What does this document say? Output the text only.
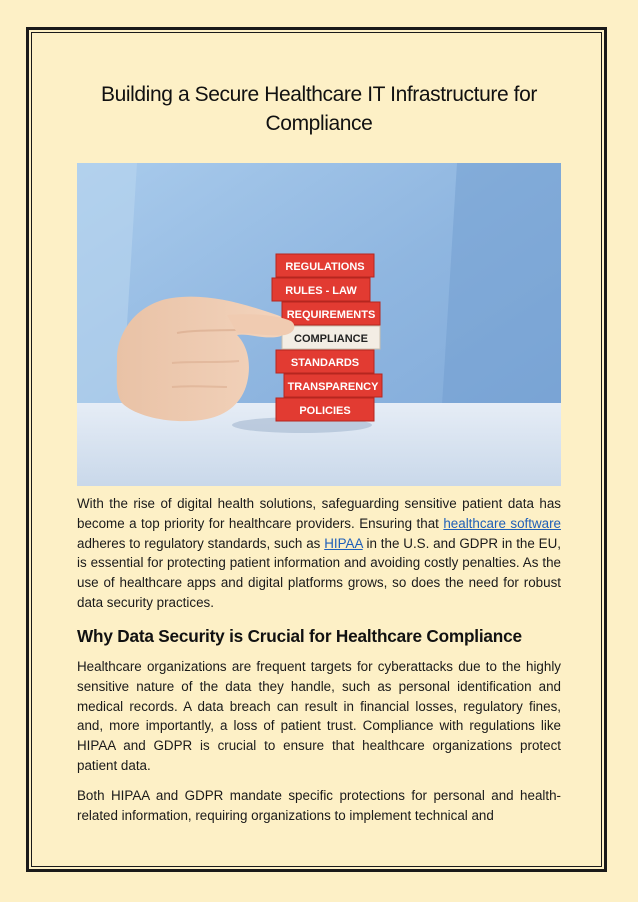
Building a Secure Healthcare IT Infrastructure for Compliance
REGULATIONS
RULES - LAW
REQUIREMENTS
COMPLIANCE
STANDARDS
TRANSPARENCY
POLICIES

With the rise of digital health solutions, safeguarding sensitive patient data has become a top priority for healthcare providers. Ensuring that healthcare software adheres to regulatory standards, such as HIPAA in the U.S. and GDPR in the EU, is essential for protecting patient information and avoiding costly penalties. As the use of healthcare apps and digital platforms grows, so does the need for robust data security practices.

Why Data Security is Crucial for Healthcare Compliance

Healthcare organizations are frequent targets for cyberattacks due to the highly sensitive nature of the data they handle, such as personal identification and medical records. A data breach can result in financial losses, regulatory fines, and, more importantly, a loss of patient trust. Compliance with regulations like HIPAA and GDPR is crucial to ensure that healthcare organizations protect patient data.

Both HIPAA and GDPR mandate specific protections for personal and health-related information, requiring organizations to implement technical and
